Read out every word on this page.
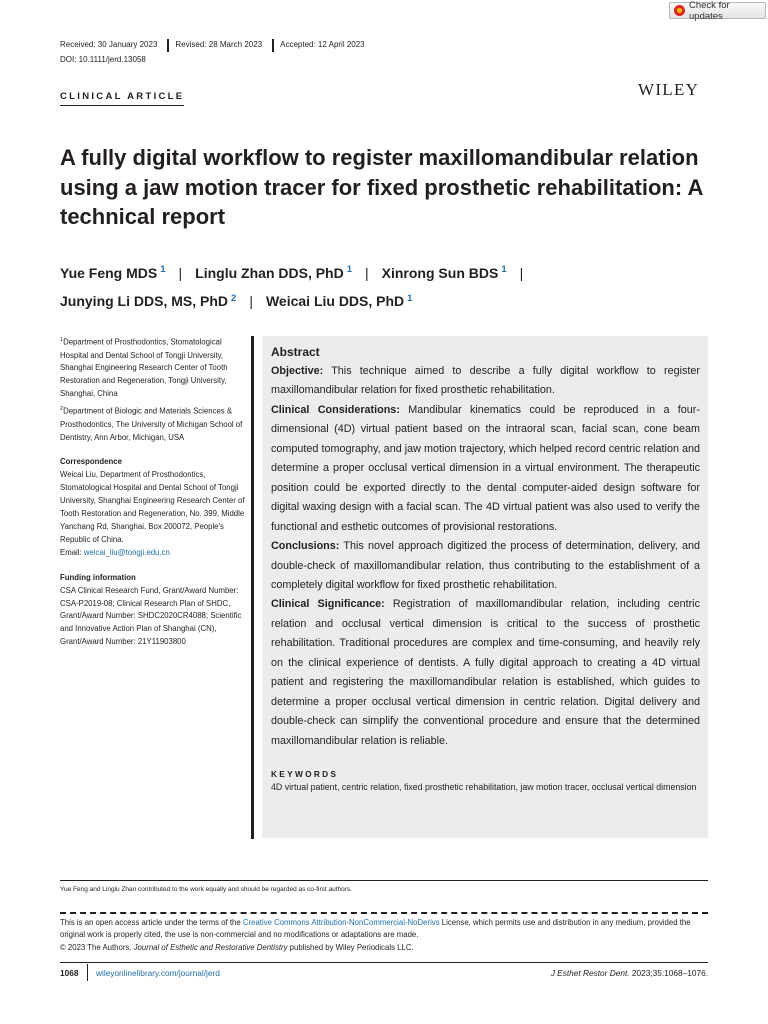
Check for updates
Received: 30 January 2023 Revised: 28 March 2023 Accepted: 12 April 2023
DOI: 10.1111/jerd.13058
CLINICAL ARTICLE	WILEY
A fully digital workflow to register maxillomandibular relation using a jaw motion tracer for fixed prosthetic rehabilitation: A technical report
Yue Feng MDS $^1$ | Linglu Zhan DDS, PhD $^1$ | Xinrong Sun BDS $^1$ |
Junying Li DDS, MS, PhD $^2$ | Weicai Liu DDS, PhD $^1$

$^1$Department of Prosthodontics, Stomatological Hospital and Dental School of Tongji University, Shanghai Engineering Research Center of Tooth Restoration and Regeneration, Tongji University, Shanghai, China

$^2$Department of Biologic and Materials Sciences & Prosthodontics, The University of Michigan School of Dentistry, Ann Arbor, Michigan, USA

Correspondence

Weicai Liu, Department of Prosthodontics, Stomatological Hospital and Dental School of Tongji University, Shanghai Engineering Research Center of Tooth Restoration and Regeneration, No. 399, Middle Yanchang Rd, Shanghai, Box 200072, People's Republic of China.
Email: weicai_liu@tongji.edu.cn

Funding information

CSA Clinical Research Fund, Grant/Award Number: CSA-P2019-08; Clinical Research Plan of SHDC, Grant/Award Number: SHDC2020CR4088; Scientific and Innovative Action Plan of Shanghai (CN), Grant/Award Number: 21Y11903800

Abstract

Objective: This technique aimed to describe a fully digital workflow to register maxillomandibular relation for fixed prosthetic rehabilitation.

Clinical Considerations: Mandibular kinematics could be reproduced in a four-dimensional (4D) virtual patient based on the intraoral scan, facial scan, cone beam computed tomography, and jaw motion trajectory, which helped record centric relation and determine a proper occlusal vertical dimension in a virtual environment. The therapeutic position could be exported directly to the dental computer-aided design software for digital waxing design with a facial scan. The 4D virtual patient was also used to verify the functional and esthetic outcomes of provisional restorations.

Conclusions: This novel approach digitized the process of determination, delivery, and double-check of maxillomandibular relation, thus contributing to the establishment of a completely digital workflow for fixed prosthetic rehabilitation.

Clinical Significance: Registration of maxillomandibular relation, including centric relation and occlusal vertical dimension is critical to the success of prosthetic rehabilitation. Traditional procedures are complex and time-consuming, and heavily rely on the clinical experience of dentists. A fully digital approach to creating a 4D virtual patient and registering the maxillomandibular relation is established, which guides to determine a proper occlusal vertical dimension in centric relation. Digital delivery and double-check can simplify the conventional procedure and ensure that the determined maxillomandibular relation is reliable.

KEYWORDS
4D virtual patient, centric relation, fixed prosthetic rehabilitation, jaw motion tracer, occlusal vertical dimension
Yue Feng and Linglu Zhan contributed to the work equally and should be regarded as co-first authors.
This is an open access article under the terms of the Creative Commons Attribution-NonCommercial-NoDerivs License, which permits use and distribution in any medium, provided the original work is properly cited, the use is non-commercial and no modifications or adaptations are made.
© 2023 The Authors. Journal of Esthetic and Restorative Dentistry published by Wiley Periodicals LLC.
1068 wileyonlinelibrary.com/journal/jerd	J Esthet Restor Dent. 2023;35:1068–1076.
